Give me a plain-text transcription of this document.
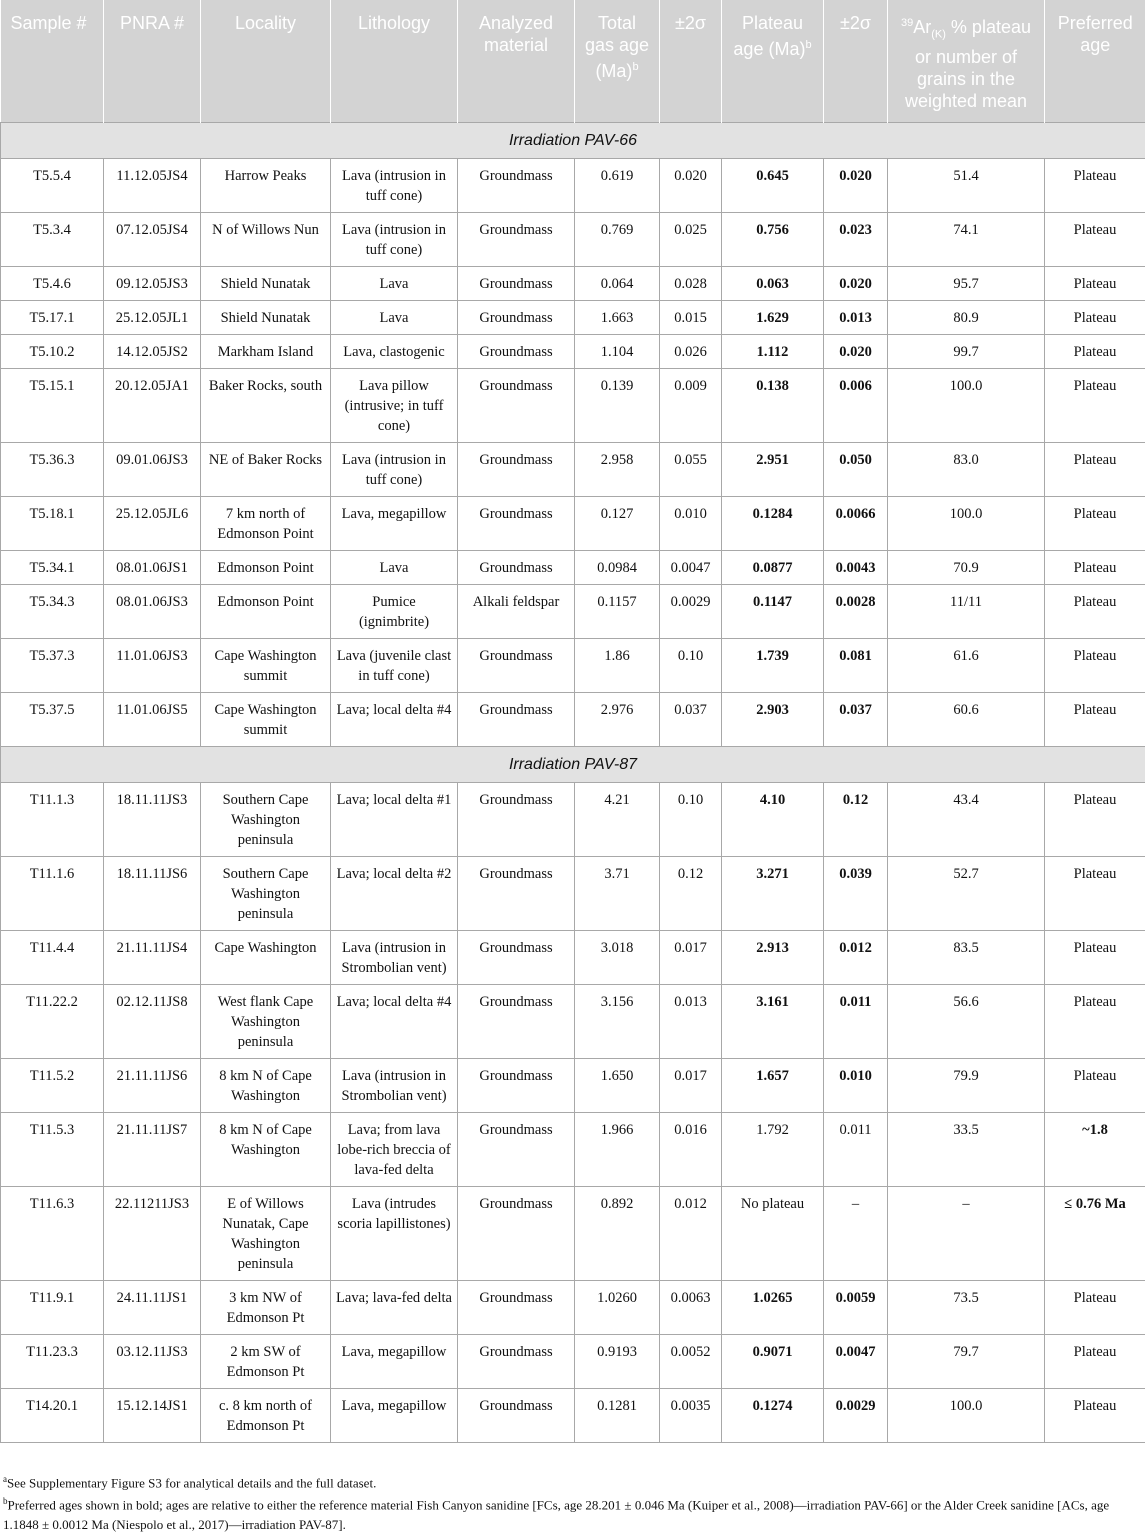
Sample #	PNRA #	Locality	Lithology	Analyzed material	Total gas age $(Ma)^b$	±2σ	Plateau age $(Ma)^b$	±2σ	$^{39}Ar_{(K)}$ % plateau or number of grains in the weighted mean	Preferred age
Irradiation PAV-66										
T5.5.4	11.12.05JS4	Harrow Peaks	Lava (intrusion in tuff cone)	Groundmass	0.619	0.020	0.645	0.020	51.4	Plateau
T5.3.4	07.12.05JS4	N of Willows Nun	Lava (intrusion in tuff cone)	Groundmass	0.769	0.025	0.756	0.023	74.1	Plateau
T5.4.6	09.12.05JS3	Shield Nunatak	Lava	Groundmass	0.064	0.028	0.063	0.020	95.7	Plateau
T5.17.1	25.12.05JL1	Shield Nunatak	Lava	Groundmass	1.663	0.015	1.629	0.013	80.9	Plateau
T5.10.2	14.12.05JS2	Markham Island	Lava, clastogenic	Groundmass	1.104	0.026	1.112	0.020	99.7	Plateau
T5.15.1	20.12.05JA1	Baker Rocks, south	Lava pillow (intrusive; in tuff cone)	Groundmass	0.139	0.009	0.138	0.006	100.0	Plateau
T5.36.3	09.01.06JS3	NE of Baker Rocks	Lava (intrusion in tuff cone)	Groundmass	2.958	0.055	2.951	0.050	83.0	Plateau
T5.18.1	25.12.05JL6	7 km north of Edmonson Point	Lava, megapillow	Groundmass	0.127	0.010	0.1284	0.0066	100.0	Plateau
T5.34.1	08.01.06JS1	Edmonson Point	Lava	Groundmass	0.0984	0.0047	0.0877	0.0043	70.9	Plateau
T5.34.3	08.01.06JS3	Edmonson Point	Pumice (ignimbrite)	Alkali feldspar	0.1157	0.0029	0.1147	0.0028	11/11	Plateau
T5.37.3	11.01.06JS3	Cape Washington summit	Lava (juvenile clast in tuff cone)	Groundmass	1.86	0.10	1.739	0.081	61.6	Plateau
T5.37.5	11.01.06JS5	Cape Washington summit	Lava; local delta #4	Groundmass	2.976	0.037	2.903	0.037	60.6	Plateau
Irradiation PAV-87										
T11.1.3	18.11.11JS3	Southern Cape Washington peninsula	Lava; local delta #1	Groundmass	4.21	0.10	4.10	0.12	43.4	Plateau
T11.1.6	18.11.11JS6	Southern Cape Washington peninsula	Lava; local delta #2	Groundmass	3.71	0.12	3.271	0.039	52.7	Plateau
T11.4.4	21.11.11JS4	Cape Washington	Lava (intrusion in Strombolian vent)	Groundmass	3.018	0.017	2.913	0.012	83.5	Plateau
T11.22.2	02.12.11JS8	West flank Cape Washington peninsula	Lava; local delta #4	Groundmass	3.156	0.013	3.161	0.011	56.6	Plateau
T11.5.2	21.11.11JS6	8 km N of Cape Washington	Lava (intrusion in Strombolian vent)	Groundmass	1.650	0.017	1.657	0.010	79.9	Plateau
T11.5.3	21.11.11JS7	8 km N of Cape Washington	Lava; from lava lobe-rich breccia of lava-fed delta	Groundmass	1.966	0.016	1.792	0.011	33.5	~1.8
T11.6.3	22.11211JS3	E of Willows Nunatak, Cape Washington peninsula	Lava (intrudes scoria lapillistones)	Groundmass	0.892	0.012	No plateau	–	–	≤ 0.76 Ma
T11.9.1	24.11.11JS1	3 km NW of Edmonson Pt	Lava; lava-fed delta	Groundmass	1.0260	0.0063	1.0265	0.0059	73.5	Plateau
T11.23.3	03.12.11JS3	2 km SW of Edmonson Pt	Lava, megapillow	Groundmass	0.9193	0.0052	0.9071	0.0047	79.7	Plateau
T14.20.1	15.12.14JS1	c. 8 km north of Edmonson Pt	Lava, megapillow	Groundmass	0.1281	0.0035	0.1274	0.0029	100.0	Plateau

$^a$See Supplementary Figure S3 for analytical details and the full dataset.

$^b$Preferred ages shown in bold; ages are relative to either the reference material Fish Canyon sanidine [FCs, age 28.201 ± 0.046 Ma (Kuiper et al., 2008)—irradiation PAV-66] or the Alder Creek sanidine [ACs, age 1.1848 ± 0.0012 Ma (Niespolo et al., 2017)—irradiation PAV-87].
